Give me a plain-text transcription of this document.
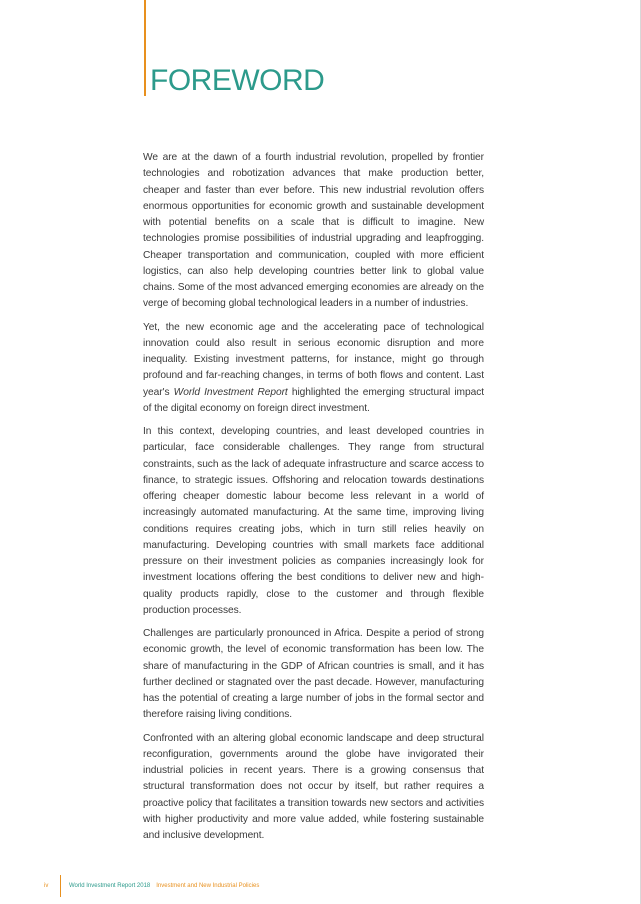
FOREWORD

We are at the dawn of a fourth industrial revolution, propelled by frontier technologies and robotization advances that make production better, cheaper and faster than ever before. This new industrial revolution offers enormous opportunities for economic growth and sustainable development with potential benefits on a scale that is difficult to imagine. New technologies promise possibilities of industrial upgrading and leapfrogging. Cheaper transportation and communication, coupled with more efficient logistics, can also help developing countries better link to global value chains. Some of the most advanced emerging economies are already on the verge of becoming global technological leaders in a number of industries.

Yet, the new economic age and the accelerating pace of technological innovation could also result in serious economic disruption and more inequality. Existing investment patterns, for instance, might go through profound and far-reaching changes, in terms of both flows and content. Last year's World Investment Report highlighted the emerging structural impact of the digital economy on foreign direct investment.

In this context, developing countries, and least developed countries in particular, face considerable challenges. They range from structural constraints, such as the lack of adequate infrastructure and scarce access to finance, to strategic issues. Offshoring and relocation towards destinations offering cheaper domestic labour become less relevant in a world of increasingly automated manufacturing. At the same time, improving living conditions requires creating jobs, which in turn still relies heavily on manufacturing. Developing countries with small markets face additional pressure on their investment policies as companies increasingly look for investment locations offering the best conditions to deliver new and high-quality products rapidly, close to the customer and through flexible production processes.

Challenges are particularly pronounced in Africa. Despite a period of strong economic growth, the level of economic transformation has been low. The share of manufacturing in the GDP of African countries is small, and it has further declined or stagnated over the past decade. However, manufacturing has the potential of creating a large number of jobs in the formal sector and therefore raising living conditions.

Confronted with an altering global economic landscape and deep structural reconfiguration, governments around the globe have invigorated their industrial policies in recent years. There is a growing consensus that structural transformation does not occur by itself, but rather requires a proactive policy that facilitates a transition towards new sectors and activities with higher productivity and more value added, while fostering sustainable and inclusive development.

iv	World Investment Report 2018 Investment and New Industrial Policies
